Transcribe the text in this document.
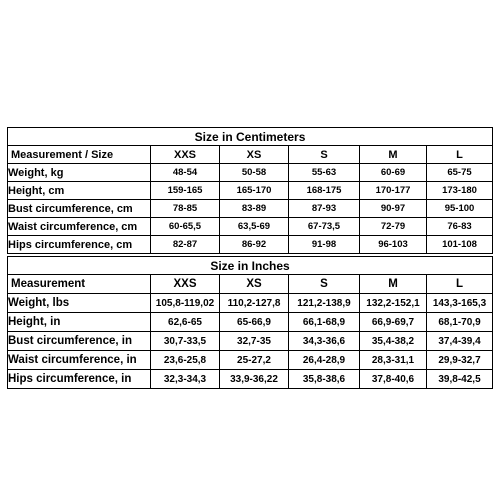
Size in Centimeters					
Measurement / Size	XXS	XS	S	M	L
Weight, kg	48-54	50-58	55-63	60-69	65-75
Height, cm	159-165	165-170	168-175	170-177	173-180
Bust circumference, cm	78-85	83-89	87-93	90-97	95-100
Waist circumference, cm	60-65,5	63,5-69	67-73,5	72-79	76-83
Hips circumference, cm	82-87	86-92	91-98	96-103	101-108
Size in Inches					
Measurement	XXS	XS	S	M	L
Weight, lbs	105,8-119,02	110,2-127,8	121,2-138,9	132,2-152,1	143,3-165,3
Height, in	62,6-65	65-66,9	66,1-68,9	66,9-69,7	68,1-70,9
Bust circumference, in	30,7-33,5	32,7-35	34,3-36,6	35,4-38,2	37,4-39,4
Waist circumference, in	23,6-25,8	25-27,2	26,4-28,9	28,3-31,1	29,9-32,7
Hips circumference, in	32,3-34,3	33,9-36,22	35,8-38,6	37,8-40,6	39,8-42,5
